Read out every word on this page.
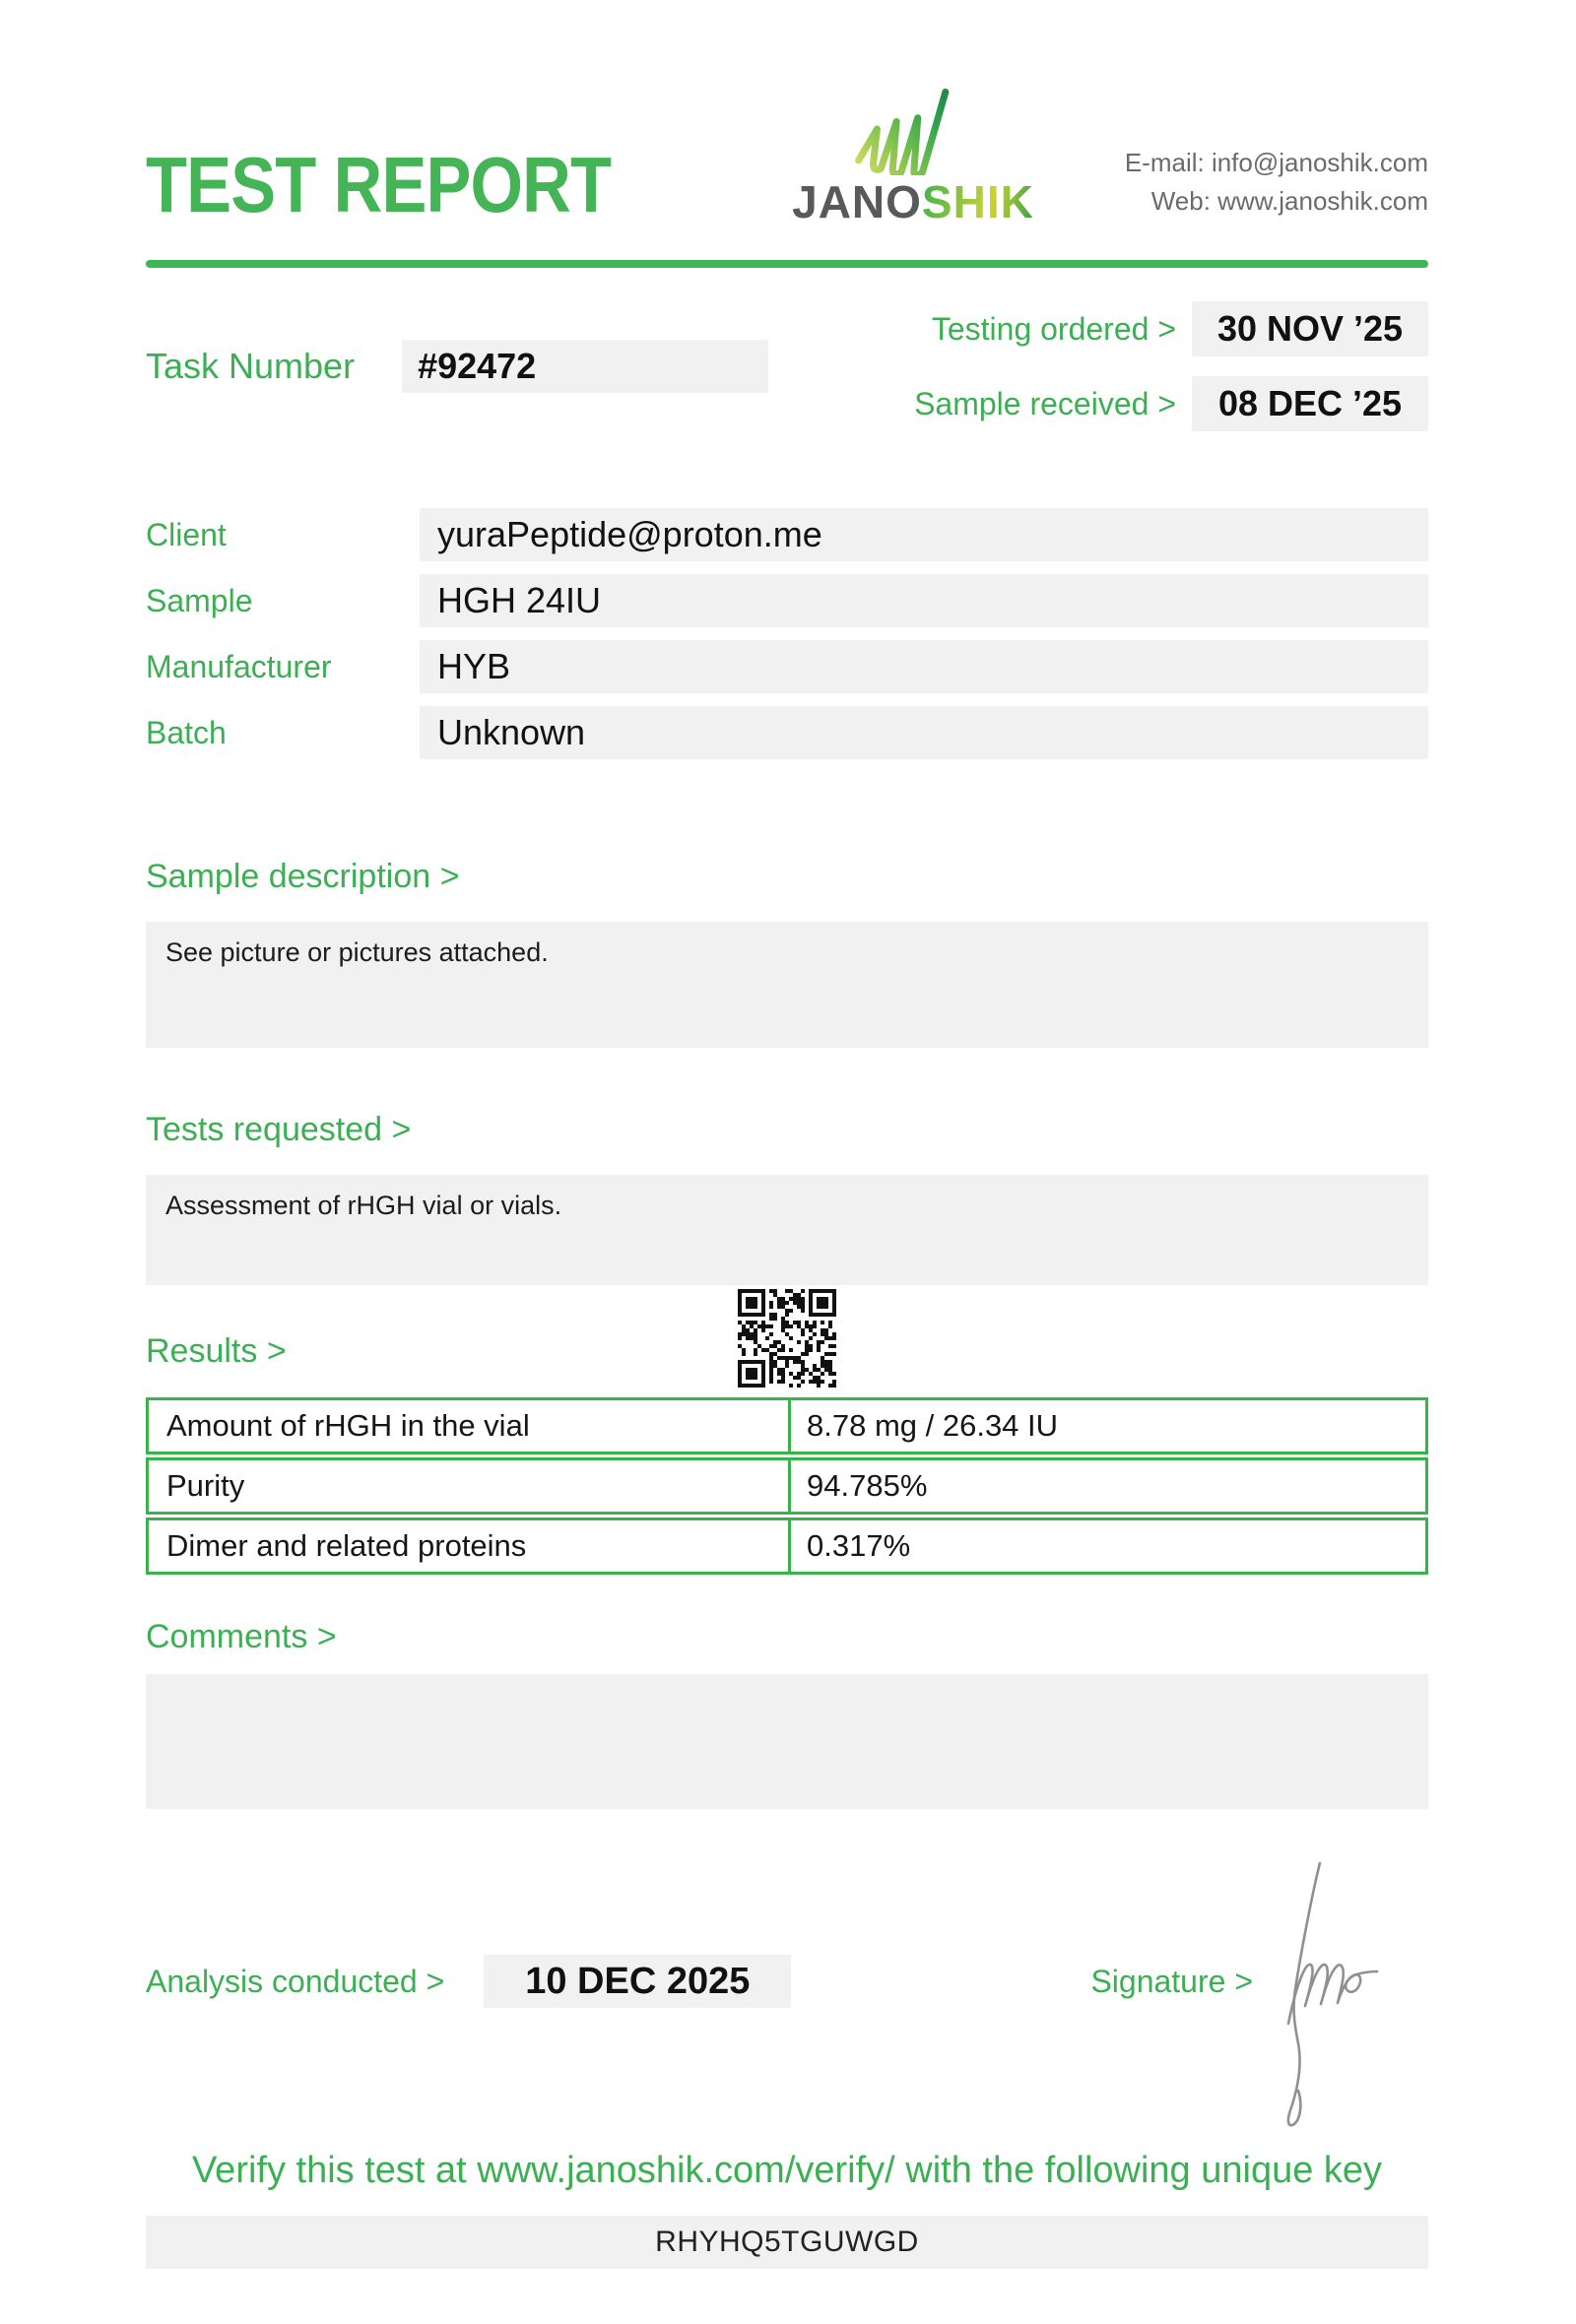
TEST REPORT	JANOSHIK
E-mail: info@janoshik.com
Web: www.janoshik.com
Task Number	#92472
Testing ordered >	30 NOV ’25
Sample received >	08 DEC ’25
Client	yuraPeptide@proton.me
Sample	HGH 24IU
Manufacturer	HYB
Batch	Unknown
Sample description >
See picture or pictures attached.
Tests requested >
Assessment of rHGH vial or vials.
Results >
Amount of rHGH in the vial	8.78 mg / 26.34 IU
Purity	94.785%
Dimer and related proteins	0.317%
Comments >
Analysis conducted >	10 DEC 2025	Signature >
Verify this test at www.janoshik.com/verify/ with the following unique key
RHYHQ5TGUWGD
